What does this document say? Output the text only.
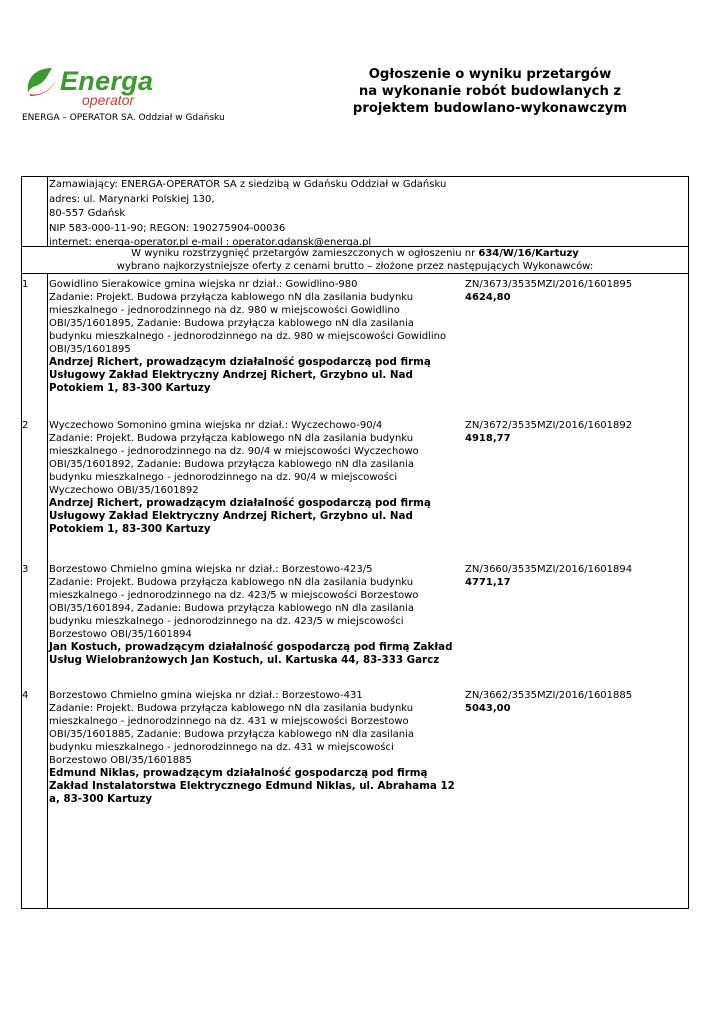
Energa
operator
ENERGA – OPERATOR SA. Oddział w Gdańsku
Ogłoszenie o wyniku przetargów
na wykonanie robót budowlanych z
projektem budowlano-wykonawczym
Zamawiający: ENERGA-OPERATOR SA z siedzibą w Gdańsku Oddział w Gdańsku
adres: ul. Marynarki Polskiej 130,
80-557 Gdańsk
NIP 583-000-11-90; REGON: 190275904-00036
internet: energa-operator.pl e-mail : operator.gdansk@energa.pl
W wyniku rozstrzygnięć przetargów zamieszczonych w ogłoszeniu nr 634/W/16/Kartuzy
wybrano najkorzystniejsze oferty z cenami brutto – złożone przez następujących Wykonawców:
1 Gowidlino Sierakowice gmina wiejska nr dział.: Gowidlino-980
Zadanie: Projekt. Budowa przyłącza kablowego nN dla zasilania budynku
mieszkalnego - jednorodzinnego na dz. 980 w miejscowości Gowidlino
OBI/35/1601895, Zadanie: Budowa przyłącza kablowego nN dla zasilania
budynku mieszkalnego - jednorodzinnego na dz. 980 w miejscowości Gowidlino
OBI/35/1601895
Andrzej Richert, prowadzącym działalność gospodarczą pod firmą
Usługowy Zakład Elektryczny Andrzej Richert, Grzybno ul. Nad
Potokiem 1, 83-300 Kartuzy
ZN/3673/3535MZI/2016/1601895
4624,80
2 Wyczechowo Somonino gmina wiejska nr dział.: Wyczechowo-90/4
Zadanie: Projekt. Budowa przyłącza kablowego nN dla zasilania budynku
mieszkalnego - jednorodzinnego na dz. 90/4 w miejscowości Wyczechowo
OBI/35/1601892, Zadanie: Budowa przyłącza kablowego nN dla zasilania
budynku mieszkalnego - jednorodzinnego na dz. 90/4 w miejscowości
Wyczechowo OBI/35/1601892
Andrzej Richert, prowadzącym działalność gospodarczą pod firmą
Usługowy Zakład Elektryczny Andrzej Richert, Grzybno ul. Nad
Potokiem 1, 83-300 Kartuzy
ZN/3672/3535MZI/2016/1601892
4918,77
3 Borzestowo Chmielno gmina wiejska nr dział.: Borzestowo-423/5
Zadanie: Projekt. Budowa przyłącza kablowego nN dla zasilania budynku
mieszkalnego - jednorodzinnego na dz. 423/5 w miejscowości Borzestowo
OBI/35/1601894, Zadanie: Budowa przyłącza kablowego nN dla zasilania
budynku mieszkalnego - jednorodzinnego na dz. 423/5 w miejscowości
Borzestowo OBI/35/1601894
Jan Kostuch, prowadzącym działalność gospodarczą pod firmą Zakład
Usług Wielobranżowych Jan Kostuch, ul. Kartuska 44, 83-333 Garcz
ZN/3660/3535MZI/2016/1601894
4771,17
4 Borzestowo Chmielno gmina wiejska nr dział.: Borzestowo-431
Zadanie: Projekt. Budowa przyłącza kablowego nN dla zasilania budynku
mieszkalnego - jednorodzinnego na dz. 431 w miejscowości Borzestowo
OBI/35/1601885, Zadanie: Budowa przyłącza kablowego nN dla zasilania
budynku mieszkalnego - jednorodzinnego na dz. 431 w miejscowości
Borzestowo OBI/35/1601885
Edmund Niklas, prowadzącym działalność gospodarczą pod firmą
Zakład Instalatorstwa Elektrycznego Edmund Niklas, ul. Abrahama 12
a, 83-300 Kartuzy
ZN/3662/3535MZI/2016/1601885
5043,00
